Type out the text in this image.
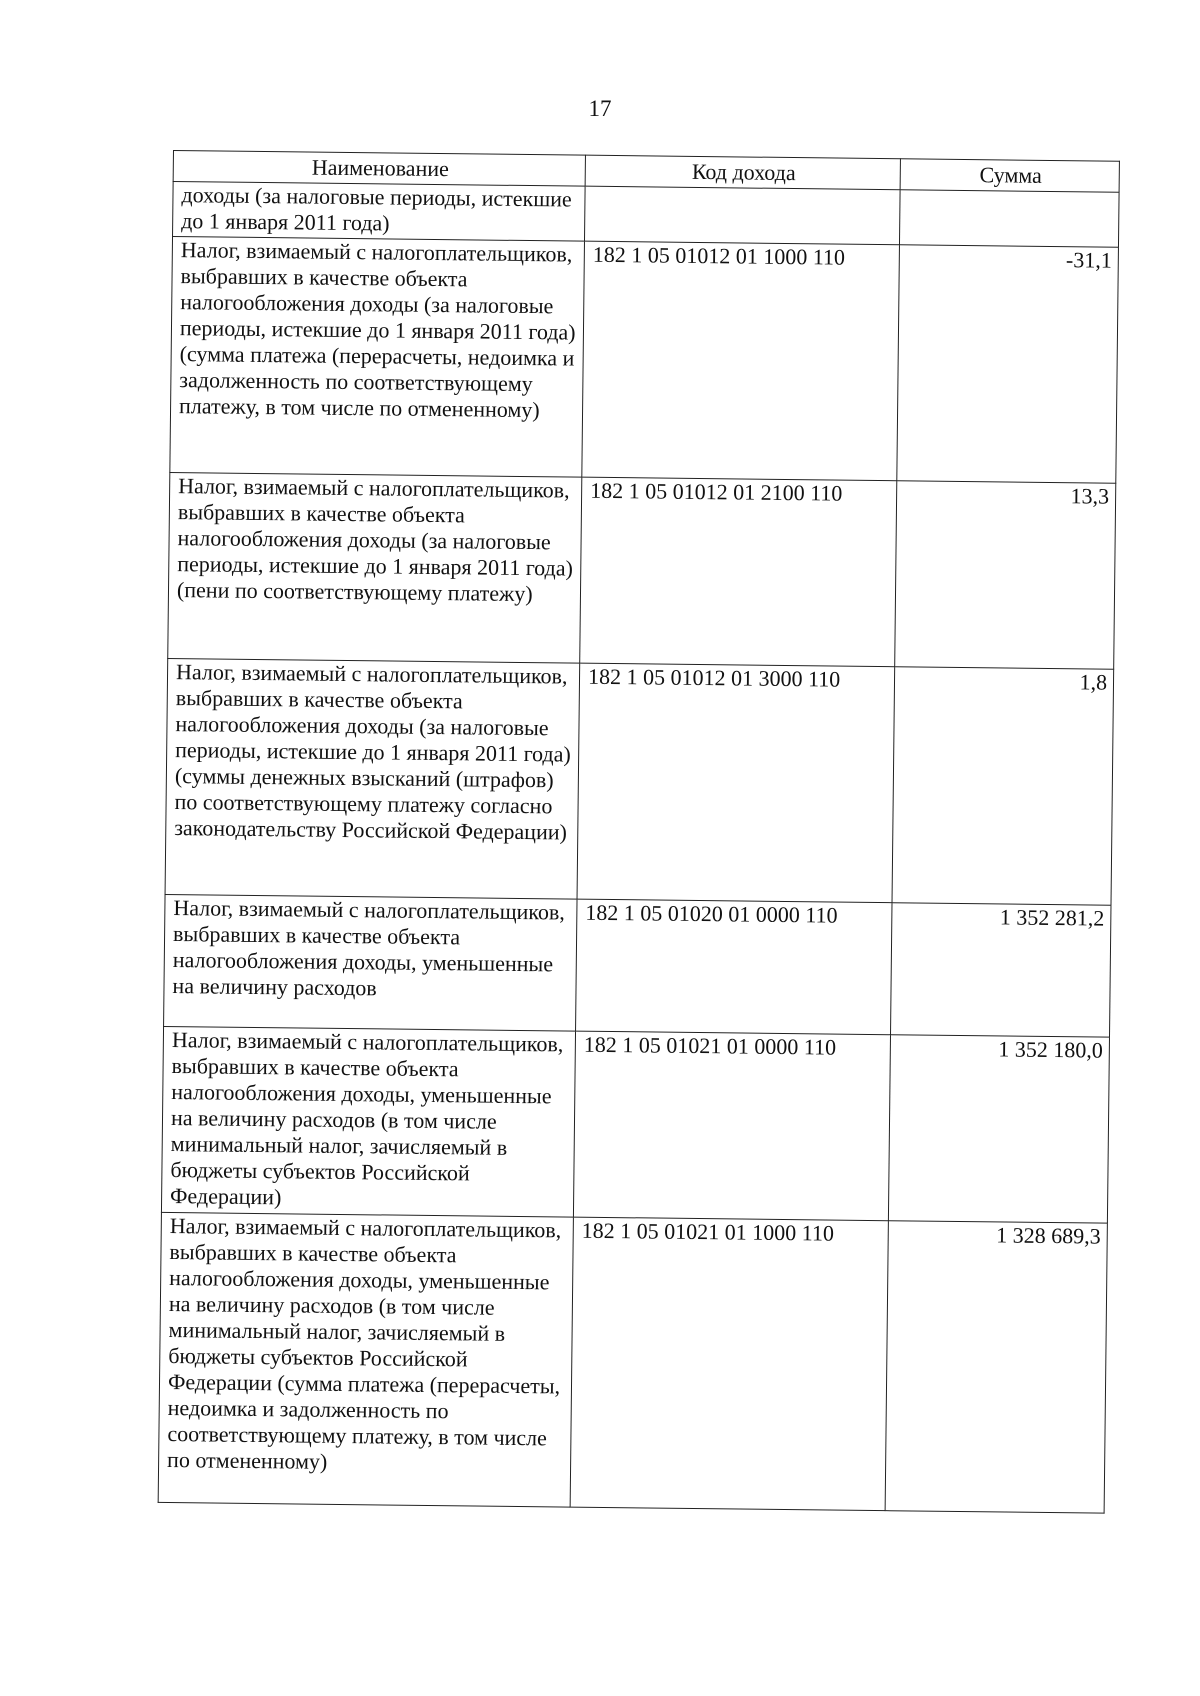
17
Наименование	Код дохода	Сумма
доходы (за налоговые периоды, истекшие до 1 января 2011 года)		
Налог, взимаемый с налогоплательщиков, выбравших в качестве объекта налогообложения доходы (за налоговые периоды, истекшие до 1 января 2011 года) (сумма платежа (перерасчеты, недоимка и задолженность по соответствующему платежу, в том числе по отмененному)	182 1 05 01012 01 1000 110	-31,1
Налог, взимаемый с налогоплательщиков, выбравших в качестве объекта налогообложения доходы (за налоговые периоды, истекшие до 1 января 2011 года) (пени по соответствующему платежу)	182 1 05 01012 01 2100 110	13,3
Налог, взимаемый с налогоплательщиков, выбравших в качестве объекта налогообложения доходы (за налоговые периоды, истекшие до 1 января 2011 года) (суммы денежных взысканий (штрафов) по соответствующему платежу согласно законодательству Российской Федерации)	182 1 05 01012 01 3000 110	1,8
Налог, взимаемый с налогоплательщиков, выбравших в качестве объекта налогообложения доходы, уменьшенные на величину расходов	182 1 05 01020 01 0000 110	1 352 281,2
Налог, взимаемый с налогоплательщиков, выбравших в качестве объекта налогообложения доходы, уменьшенные на величину расходов (в том числе минимальный налог, зачисляемый в бюджеты субъектов Российской Федерации)	182 1 05 01021 01 0000 110	1 352 180,0
Налог, взимаемый с налогоплательщиков, выбравших в качестве объекта налогообложения доходы, уменьшенные на величину расходов (в том числе минимальный налог, зачисляемый в бюджеты субъектов Российской Федерации (сумма платежа (перерасчеты, недоимка и задолженность по соответствующему платежу, в том числе по отмененному)	182 1 05 01021 01 1000 110	1 328 689,3
